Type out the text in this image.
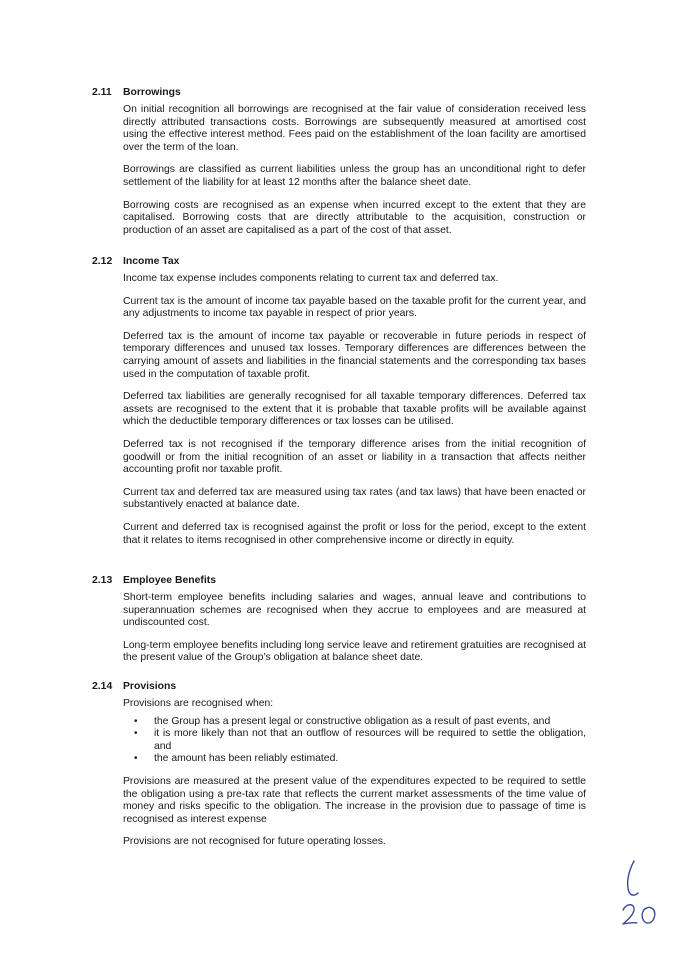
2.11	Borrowings

On initial recognition all borrowings are recognised at the fair value of consideration received less directly attributed transactions costs. Borrowings are subsequently measured at amortised cost using the effective interest method. Fees paid on the establishment of the loan facility are amortised over the term of the loan.

Borrowings are classified as current liabilities unless the group has an unconditional right to defer settlement of the liability for at least 12 months after the balance sheet date.

Borrowing costs are recognised as an expense when incurred except to the extent that they are capitalised. Borrowing costs that are directly attributable to the acquisition, construction or production of an asset are capitalised as a part of the cost of that asset.

2.12	Income Tax

Income tax expense includes components relating to current tax and deferred tax.

Current tax is the amount of income tax payable based on the taxable profit for the current year, and any adjustments to income tax payable in respect of prior years.

Deferred tax is the amount of income tax payable or recoverable in future periods in respect of temporary differences and unused tax losses. Temporary differences are differences between the carrying amount of assets and liabilities in the financial statements and the corresponding tax bases used in the computation of taxable profit.

Deferred tax liabilities are generally recognised for all taxable temporary differences. Deferred tax assets are recognised to the extent that it is probable that taxable profits will be available against which the deductible temporary differences or tax losses can be utilised.

Deferred tax is not recognised if the temporary difference arises from the initial recognition of goodwill or from the initial recognition of an asset or liability in a transaction that affects neither accounting profit nor taxable profit.

Current tax and deferred tax are measured using tax rates (and tax laws) that have been enacted or substantively enacted at balance date.

Current and deferred tax is recognised against the profit or loss for the period, except to the extent that it relates to items recognised in other comprehensive income or directly in equity.

2.13	Employee Benefits

Short-term employee benefits including salaries and wages, annual leave and contributions to superannuation schemes are recognised when they accrue to employees and are measured at undiscounted cost.

Long-term employee benefits including long service leave and retirement gratuities are recognised at the present value of the Group’s obligation at balance sheet date.

2.14	Provisions

Provisions are recognised when:

• the Group has a present legal or constructive obligation as a result of past events, and
• it is more likely than not that an outflow of resources will be required to settle the obligation, and
• the amount has been reliably estimated.

Provisions are measured at the present value of the expenditures expected to be required to settle the obligation using a pre-tax rate that reflects the current market assessments of the time value of money and risks specific to the obligation. The increase in the provision due to passage of time is recognised as interest expense

Provisions are not recognised for future operating losses.
